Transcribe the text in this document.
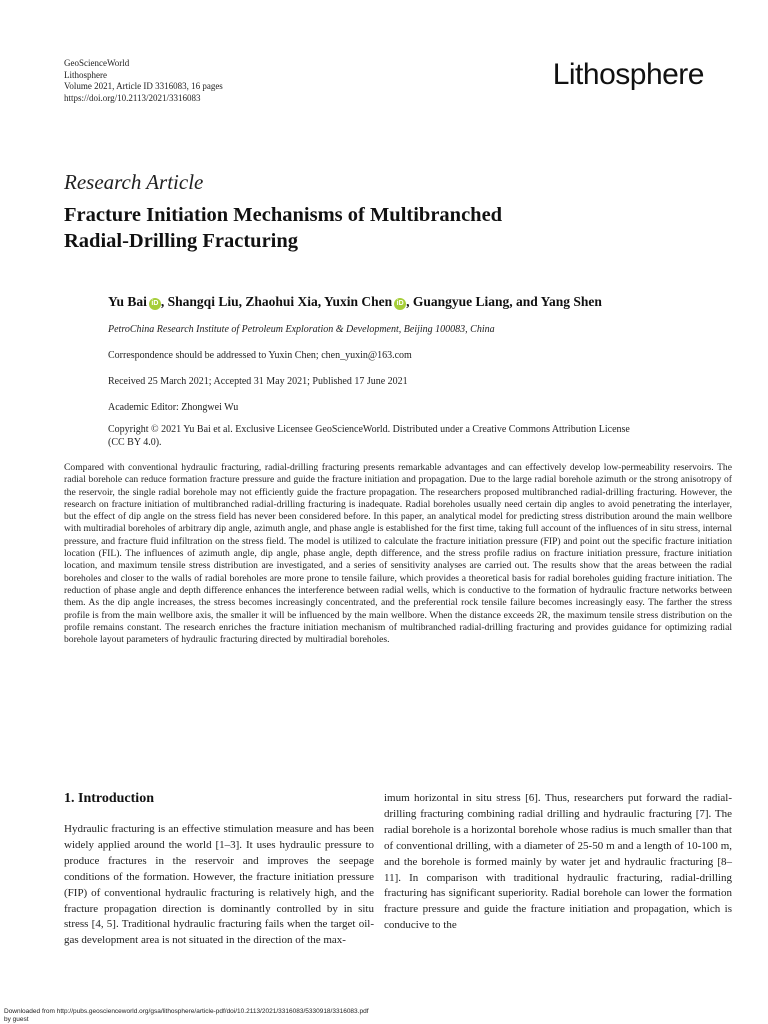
GeoScienceWorld
Lithosphere
Volume 2021, Article ID 3316083, 16 pages
https://doi.org/10.2113/2021/3316083
Lithosphere
Research Article
Fracture Initiation Mechanisms of Multibranched
Radial-Drilling Fracturing
Yu Bai iD , Shangqi Liu, Zhaohui Xia, Yuxin Chen iD , Guangyue Liang, and Yang Shen
PetroChina Research Institute of Petroleum Exploration & Development, Beijing 100083, China
Correspondence should be addressed to Yuxin Chen; chen_yuxin@163.com
Received 25 March 2021; Accepted 31 May 2021; Published 17 June 2021
Academic Editor: Zhongwei Wu
Copyright © 2021 Yu Bai et al. Exclusive Licensee GeoScienceWorld. Distributed under a Creative Commons Attribution License
(CC BY 4.0).
Compared with conventional hydraulic fracturing, radial-drilling fracturing presents remarkable advantages and can effectively develop low-permeability reservoirs. The radial borehole can reduce formation fracture pressure and guide the fracture initiation and propagation. Due to the large radial borehole azimuth or the strong anisotropy of the reservoir, the single radial borehole may not efficiently guide the fracture propagation. The researchers proposed multibranched radial-drilling fracturing. However, the research on fracture initiation of multibranched radial-drilling fracturing is inadequate. Radial boreholes usually need certain dip angles to avoid penetrating the interlayer, but the effect of dip angle on the stress field has never been considered before. In this paper, an analytical model for predicting stress distribution around the main wellbore with multiradial boreholes of arbitrary dip angle, azimuth angle, and phase angle is established for the first time, taking full account of the influences of in situ stress, internal pressure, and fracture fluid infiltration on the stress field. The model is utilized to calculate the fracture initiation pressure (FIP) and point out the specific fracture initiation location (FIL). The influences of azimuth angle, dip angle, phase angle, depth difference, and the stress profile radius on fracture initiation pressure, fracture initiation location, and maximum tensile stress distribution are investigated, and a series of sensitivity analyses are carried out. The results show that the areas between the radial boreholes and closer to the walls of radial boreholes are more prone to tensile failure, which provides a theoretical basis for radial boreholes guiding fracture initiation. The reduction of phase angle and depth difference enhances the interference between radial wells, which is conductive to the formation of hydraulic fracture networks between them. As the dip angle increases, the stress becomes increasingly concentrated, and the preferential rock tensile failure becomes increasingly easy. The farther the stress profile is from the main wellbore axis, the smaller it will be influenced by the main wellbore. When the distance exceeds 2R, the maximum tensile stress distribution on the profile remains constant. The research enriches the fracture initiation mechanism of multibranched radial-drilling fracturing and provides guidance for optimizing radial borehole layout parameters of hydraulic fracturing directed by multiradial boreholes.
1. Introduction
Hydraulic fracturing is an effective stimulation measure and has been widely applied around the world [1–3]. It uses hydraulic pressure to produce fractures in the reservoir and improves the seepage conditions of the formation. However, the fracture initiation pressure (FIP) of conventional hydraulic fracturing is relatively high, and the fracture propagation direction is dominantly controlled by in situ stress [4, 5]. Traditional hydraulic fracturing fails when the target oil-gas development area is not situated in the direction of the max-
imum horizontal in situ stress [6]. Thus, researchers put forward the radial-drilling fracturing combining radial drilling and hydraulic fracturing [7]. The radial borehole is a horizontal borehole whose radius is much smaller than that of conventional drilling, with a diameter of 25-50 m and a length of 10-100 m, and the borehole is formed mainly by water jet and hydraulic fracturing [8–11]. In comparison with traditional hydraulic fracturing, radial-drilling fracturing has significant superiority. Radial borehole can lower the formation fracture pressure and guide the fracture initiation and propagation, which is conducive to the
Downloaded from http://pubs.geoscienceworld.org/gsa/lithosphere/article-pdf/doi/10.2113/2021/3316083/5330918/3316083.pdf
by guest
